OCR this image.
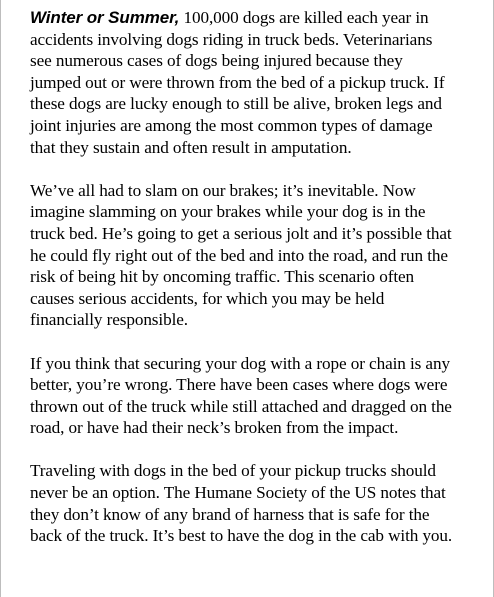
Winter or Summer, 100,000 dogs are killed each year in
accidents involving dogs riding in truck beds. Veterinarians
see numerous cases of dogs being injured because they
jumped out or were thrown from the bed of a pickup truck. If
these dogs are lucky enough to still be alive, broken legs and
joint injuries are among the most common types of damage
that they sustain and often result in amputation.

We’ve all had to slam on our brakes; it’s inevitable. Now
imagine slamming on your brakes while your dog is in the
truck bed. He’s going to get a serious jolt and it’s possible that
he could fly right out of the bed and into the road, and run the
risk of being hit by oncoming traffic. This scenario often
causes serious accidents, for which you may be held
financially responsible.

If you think that securing your dog with a rope or chain is any
better, you’re wrong. There have been cases where dogs were
thrown out of the truck while still attached and dragged on the
road, or have had their neck’s broken from the impact.

Traveling with dogs in the bed of your pickup trucks should
never be an option. The Humane Society of the US notes that
they don’t know of any brand of harness that is safe for the
back of the truck. It’s best to have the dog in the cab with you.
